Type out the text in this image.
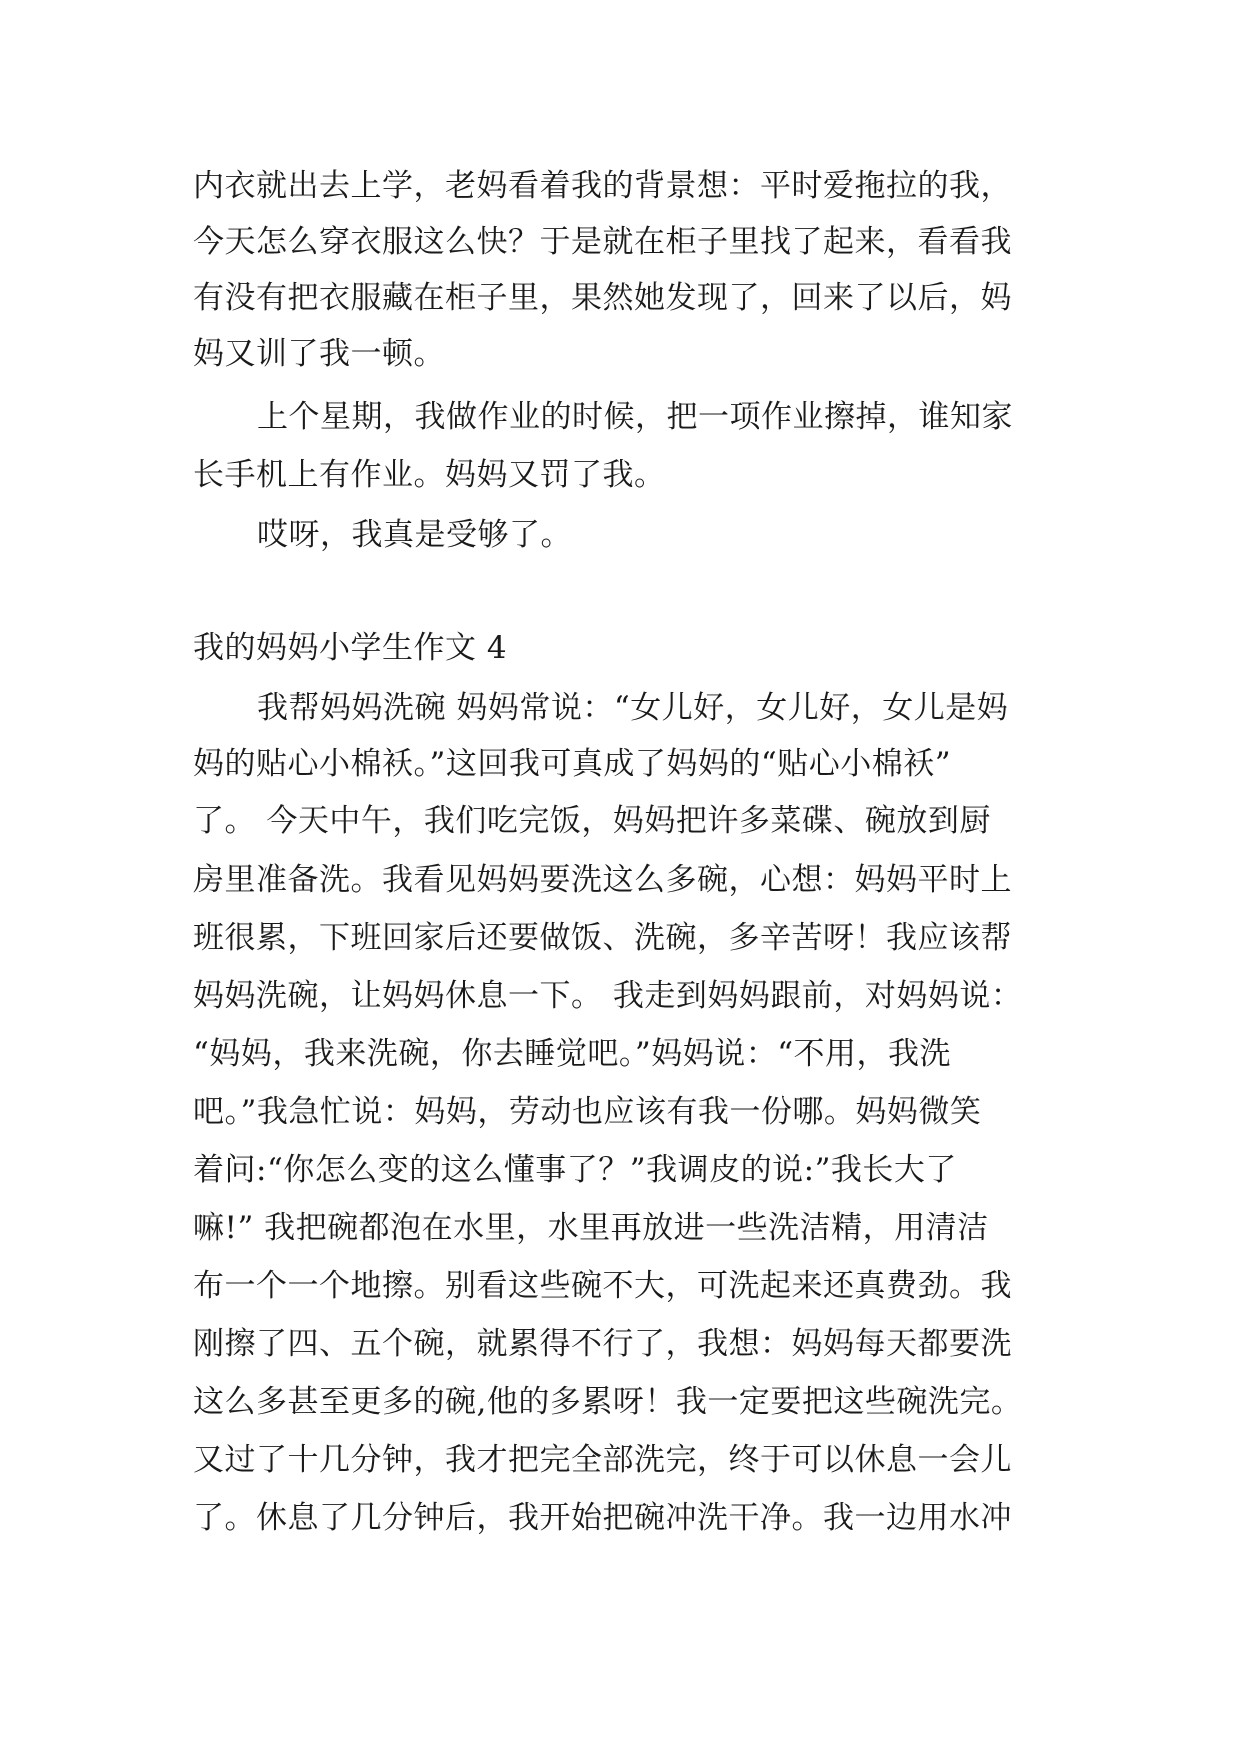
内衣就出去上学，老妈看着我的背景想：平时爱拖拉的我，
今天怎么穿衣服这么快？于是就在柜子里找了起来，看看我
有没有把衣服藏在柜子里，果然她发现了，回来了以后，妈
妈又训了我一顿。
上个星期，我做作业的时候，把一项作业擦掉，谁知家
长手机上有作业。妈妈又罚了我。
哎呀，我真是受够了。
我的妈妈小学生作文 4
我帮妈妈洗碗 妈妈常说：“女儿好，女儿好，女儿是妈
妈的贴心小棉袄。”这回我可真成了妈妈的“贴心小棉袄”
了。 今天中午，我们吃完饭，妈妈把许多菜碟、碗放到厨
房里准备洗。我看见妈妈要洗这么多碗，心想：妈妈平时上
班很累，下班回家后还要做饭、洗碗，多辛苦呀！我应该帮
妈妈洗碗，让妈妈休息一下。 我走到妈妈跟前，对妈妈说：
“妈妈，我来洗碗，你去睡觉吧。”妈妈说：“不用，我洗
吧。”我急忙说：妈妈，劳动也应该有我一份哪。妈妈微笑
着问:“你怎么变的这么懂事了？”我调皮的说:”我长大了
嘛!” 我把碗都泡在水里，水里再放进一些洗洁精，用清洁
布一个一个地擦。别看这些碗不大，可洗起来还真费劲。我
刚擦了四、五个碗，就累得不行了，我想：妈妈每天都要洗
这么多甚至更多的碗,他的多累呀！我一定要把这些碗洗完。
又过了十几分钟，我才把完全部洗完，终于可以休息一会儿
了。休息了几分钟后，我开始把碗冲洗干净。我一边用水冲
